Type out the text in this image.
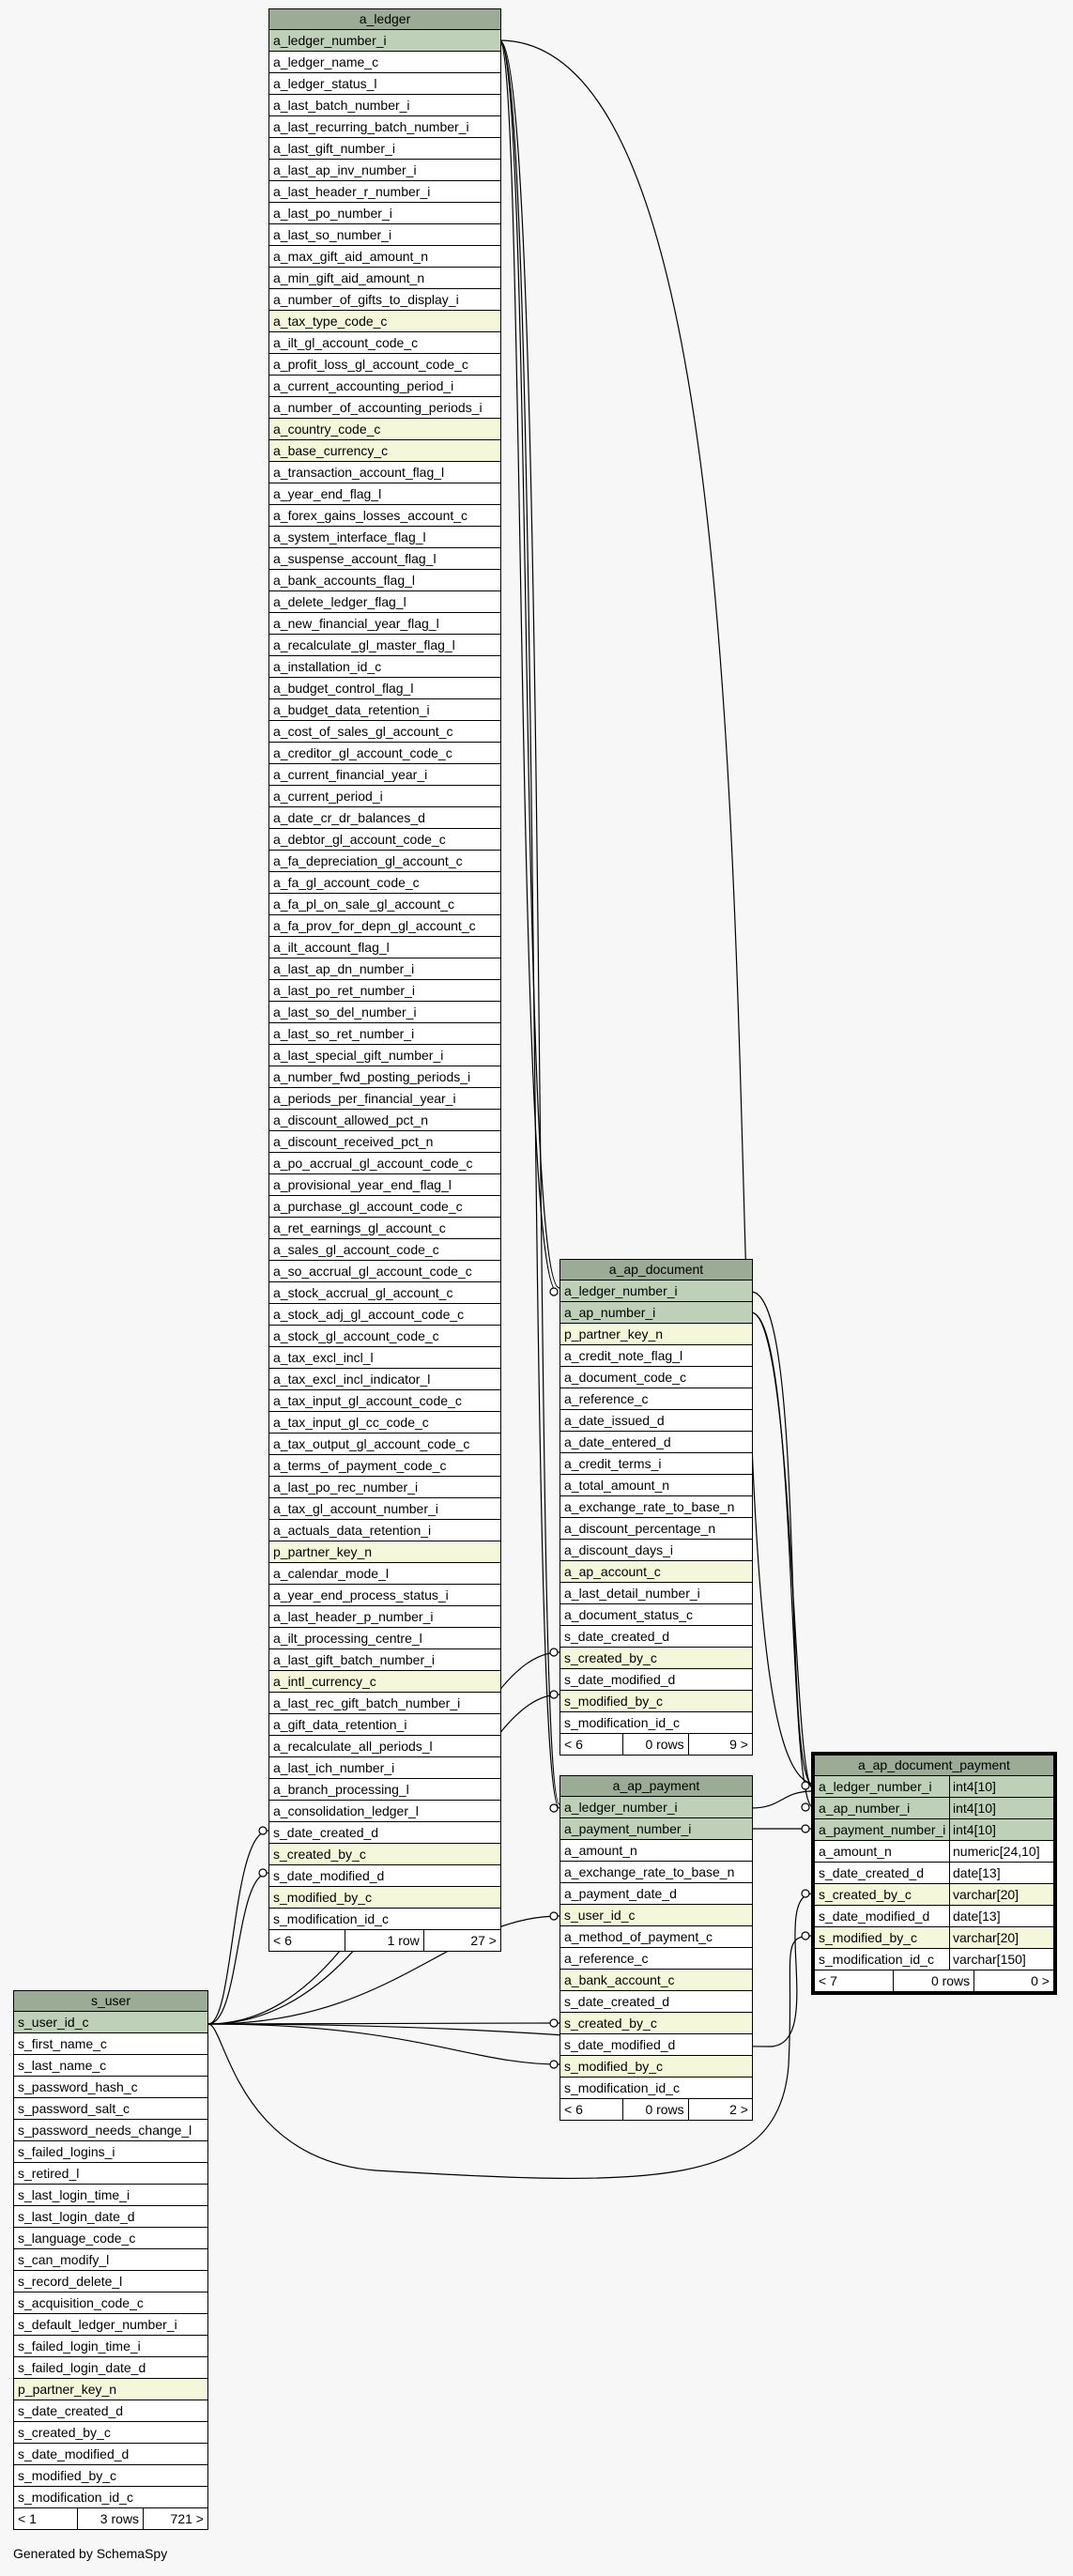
a_ledger
a_ledger_number_i
a_ledger_name_c
a_ledger_status_l
a_last_batch_number_i
a_last_recurring_batch_number_i
a_last_gift_number_i
a_last_ap_inv_number_i
a_last_header_r_number_i
a_last_po_number_i
a_last_so_number_i
a_max_gift_aid_amount_n
a_min_gift_aid_amount_n
a_number_of_gifts_to_display_i
a_tax_type_code_c
a_ilt_gl_account_code_c
a_profit_loss_gl_account_code_c
a_current_accounting_period_i
a_number_of_accounting_periods_i
a_country_code_c
a_base_currency_c
a_transaction_account_flag_l
a_year_end_flag_l
a_forex_gains_losses_account_c
a_system_interface_flag_l
a_suspense_account_flag_l
a_bank_accounts_flag_l
a_delete_ledger_flag_l
a_new_financial_year_flag_l
a_recalculate_gl_master_flag_l
a_installation_id_c
a_budget_control_flag_l
a_budget_data_retention_i
a_cost_of_sales_gl_account_c
a_creditor_gl_account_code_c
a_current_financial_year_i
a_current_period_i
a_date_cr_dr_balances_d
a_debtor_gl_account_code_c
a_fa_depreciation_gl_account_c
a_fa_gl_account_code_c
a_fa_pl_on_sale_gl_account_c
a_fa_prov_for_depn_gl_account_c
a_ilt_account_flag_l
a_last_ap_dn_number_i
a_last_po_ret_number_i
a_last_so_del_number_i
a_last_so_ret_number_i
a_last_special_gift_number_i
a_number_fwd_posting_periods_i
a_periods_per_financial_year_i
a_discount_allowed_pct_n
a_discount_received_pct_n
a_po_accrual_gl_account_code_c
a_provisional_year_end_flag_l
a_purchase_gl_account_code_c
a_ret_earnings_gl_account_c
a_sales_gl_account_code_c
a_so_accrual_gl_account_code_c
a_stock_accrual_gl_account_c
a_stock_adj_gl_account_code_c
a_stock_gl_account_code_c
a_tax_excl_incl_l
a_tax_excl_incl_indicator_l
a_tax_input_gl_account_code_c
a_tax_input_gl_cc_code_c
a_tax_output_gl_account_code_c
a_terms_of_payment_code_c
a_last_po_rec_number_i
a_tax_gl_account_number_i
a_actuals_data_retention_i
p_partner_key_n
a_calendar_mode_l
a_year_end_process_status_i
a_last_header_p_number_i
a_ilt_processing_centre_l
a_last_gift_batch_number_i
a_intl_currency_c
a_last_rec_gift_batch_number_i
a_gift_data_retention_i
a_recalculate_all_periods_l
a_last_ich_number_i
a_branch_processing_l
a_consolidation_ledger_l
s_date_created_d
s_created_by_c
s_date_modified_d
s_modified_by_c
s_modification_id_c
< 6	1 row	27 >
a_ap_document
a_ledger_number_i
a_ap_number_i
p_partner_key_n
a_credit_note_flag_l
a_document_code_c
a_reference_c
a_date_issued_d
a_date_entered_d
a_credit_terms_i
a_total_amount_n
a_exchange_rate_to_base_n
a_discount_percentage_n
a_discount_days_i
a_ap_account_c
a_last_detail_number_i
a_document_status_c
s_date_created_d
s_created_by_c
s_date_modified_d
s_modified_by_c
s_modification_id_c
< 6	0 rows	9 >
a_ap_payment
a_ledger_number_i
a_payment_number_i
a_amount_n
a_exchange_rate_to_base_n
a_payment_date_d
s_user_id_c
a_method_of_payment_c
a_reference_c
a_bank_account_c
s_date_created_d
s_created_by_c
s_date_modified_d
s_modified_by_c
s_modification_id_c
< 6	0 rows	2 >
a_ap_document_payment
a_ledger_number_i	int4[10]
a_ap_number_i	int4[10]
a_payment_number_i int4[10]
a_amount_n	numeric[24,10]
s_date_created_d	date[13]
s_created_by_c	varchar[20]
s_date_modified_d	date[13]
s_modified_by_c	varchar[20]
s_modification_id_c	varchar[150]
< 7	0 rows	0 >
s_user
s_user_id_c
s_first_name_c
s_last_name_c
s_password_hash_c
s_password_salt_c
s_password_needs_change_l
s_failed_logins_i
s_retired_l
s_last_login_time_i
s_last_login_date_d
s_language_code_c
s_can_modify_l
s_record_delete_l
s_acquisition_code_c
s_default_ledger_number_i
s_failed_login_time_i
s_failed_login_date_d
p_partner_key_n
s_date_created_d
s_created_by_c
s_date_modified_d
s_modified_by_c
s_modification_id_c
< 1	3 rows	721 >
Generated by SchemaSpy
